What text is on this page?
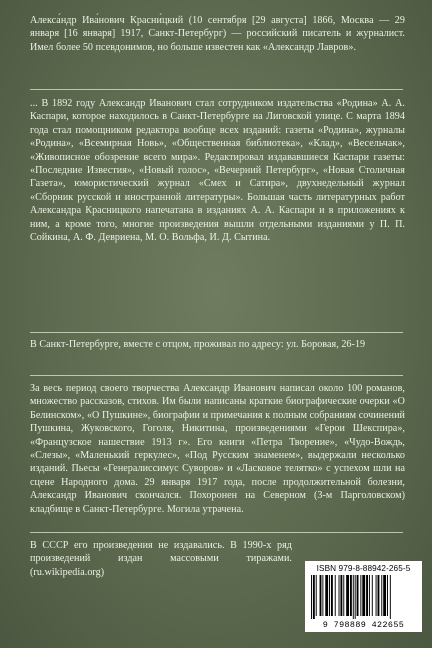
Алекса́ндр Ива́нович Красни́цкий (10 сентября [29 августа] 1866, Москва — 29 января [16 января] 1917, Санкт-Петербург) — российский писатель и журналист. Имел более 50 псевдонимов, но больше известен как «Александр Лавров».

... В 1892 году Александр Иванович стал сотрудником издательства «Родина» А. А. Каспари, которое находилось в Санкт-Петербурге на Лиговской улице. С марта 1894 года стал помощником редактора вообще всех изданий: газеты «Родина», журналы «Родина», «Всемирная Новь», «Общественная библиотека», «Клад», «Весельчак», «Живописное обозрение всего мира». Редактировал издававшиеся Каспари газеты: «Последние Известия», «Новый голос», «Вечерний Петербург», «Новая Столичная Газета», юмористический журнал «Смех и Сатира», двухнедельный журнал «Сборник русской и иностранной литературы». Большая часть литературных работ Александра Красницкого напечатана в изданиях А. А. Каспари и в приложениях к ним, а кроме того, многие произведения вышли отдельными изданиями у П. П. Сойкина, А. Ф. Девриена, М. О. Вольфа, И. Д. Сытина.

В Санкт-Петербурге, вместе с отцом, проживал по адресу: ул. Боровая, 26-19

За весь период своего творчества Александр Иванович написал около 100 романов, множество рассказов, стихов. Им были написаны краткие биографические очерки «О Белинском», «О Пушкине», биографии и примечания к полным собраниям сочинений Пушкина, Жуковского, Гоголя, Никитина, произведениями «Герои Шекспира», «Французское нашествие 1913 г». Его книги «Петра Творение», «Чудо-Вождь, «Слезы», «Маленький геркулес», «Под Русским знаменем», выдержали несколько изданий. Пьесы «Генералиссимус Суворов» и «Ласковое телятко» с успехом шли на сцене Народного дома. 29 января 1917 года, после продолжительной болезни, Александр Иванович скончался. Похоронен на Северном (3-м Парголовском) кладбище в Санкт-Петербурге. Могила утрачена.

В СССР его произведения не издавались. В 1990-х ряд произведений издан массовыми тиражами. (ru.wikipedia.org)	ISBN 979-8-88942-265-5
9 798889 422655
